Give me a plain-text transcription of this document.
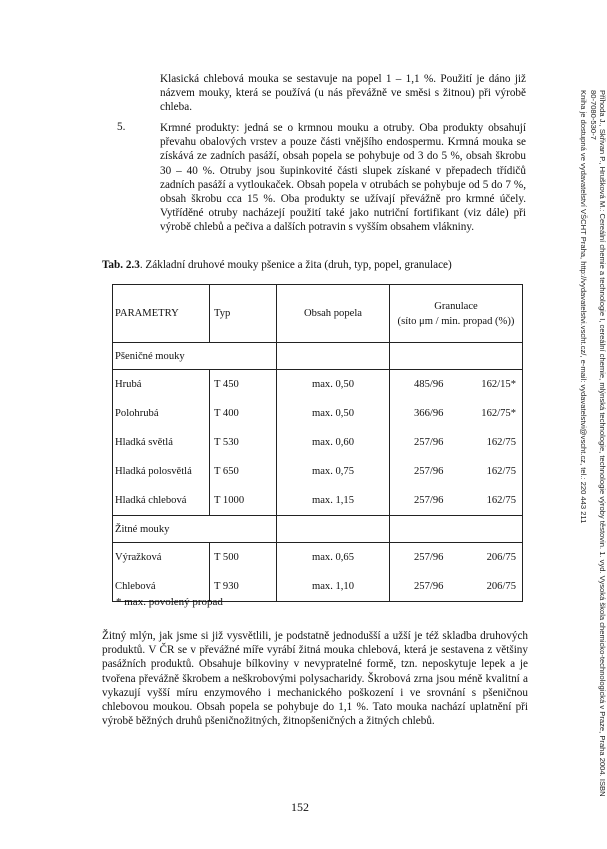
Klasická chlebová mouka se sestavuje na popel 1 – 1,1 %. Použití je dáno již názvem mouky, která se používá (u nás převážně ve směsi s žitnou) při výrobě chleba.
5.	Krmné produkty: jedná se o krmnou mouku a otruby. Oba produkty obsahují převahu obalových vrstev a pouze části vnějšího endospermu. Krmná mouka se získává ze zadních pasáží, obsah popela se pohybuje od 3 do 5 %, obsah škrobu 30 – 40 %. Otruby jsou šupinkovité části slupek získané v přepadech třídičů zadních pasáží a vytloukaček. Obsah popela v otrubách se pohybuje od 5 do 7 %, obsah škrobu cca 15 %. Oba produkty se užívají převážně pro krmné účely. Vytříděné otruby nacházejí použití také jako nutriční fortifikant (viz dále) při výrobě chlebů a pečiva a dalších potravin s vyšším obsahem vlákniny.
Tab. 2.3. Základní druhové mouky pšenice a žita (druh, typ, popel, granulace)
PARAMETRY	Typ	Obsah popela	Granulace
(síto μm / min. propad (%))

Pšeničné mouky			
Hrubá	T 450	max. 0,50	485/96 162/15*

Polohrubá	T 400	max. 0,50	366/96 162/75*

Hladká světlá	T 530	max. 0,60	257/96 162/75

Hladká polosvětlá	T 650	max. 0,75	257/96 162/75

Hladká chlebová	T 1000	max. 1,15	257/96 162/75

Žitné mouky			
Výražková	T 500	max. 0,65	257/96 206/75

Chlebová	T 930	max. 1,10	257/96 206/75
* max. povolený propad
Žitný mlýn, jak jsme si již vysvětlili, je podstatně jednodušší a užší je též skladba druhových produktů. V ČR se v převážné míře vyrábí žitná mouka chlebová, která je sestavena z většiny pasážních produktů. Obsahuje bílkoviny v nevypratelné formě, tzn. neposkytuje lepek a je tvořena převážně škrobem a neškrobovými polysacharidy. Škrobová zrna jsou méně kvalitní a vykazují vyšší míru enzymového i mechanického poškození i ve srovnání s pšeničnou chlebovou moukou. Obsah popela se pohybuje do 1,1 %. Tato mouka nachází uplatnění při výrobě běžných druhů pšeničnožitných, žitnopšeničných a žitných chlebů.
152
Příhoda J., Skřivan P., Hrušková M.: Cereální chemie a technologie I, cereální chemie, mlýnská technologie, technologie výroby těstovin. 1. vyd. Vysoká škola chemicko-technologická v Praze, Praha 2004. ISBN
80-7080-530-7
Kniha je dostupná ve vydavatelství VŠCHT Praha, http://vydavatelstvi.vscht.cz/, e-mail: vydavatelstvi@vscht.cz, tel.: 220 443 211
